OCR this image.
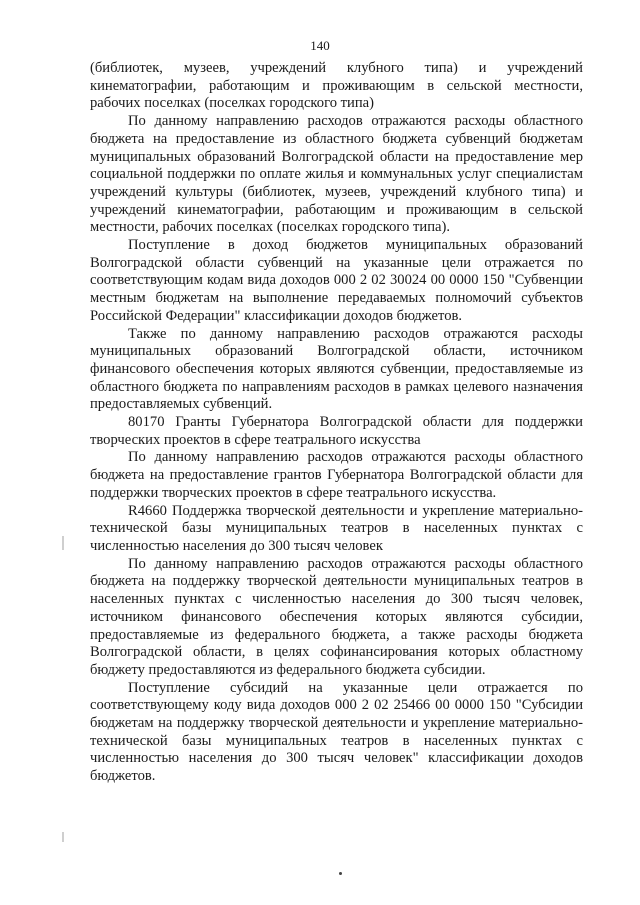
140

(библиотек, музеев, учреждений клубного типа) и учреждений кинематографии, работающим и проживающим в сельской местности, рабочих поселках (поселках городского типа)

По данному направлению расходов отражаются расходы областного бюджета на предоставление из областного бюджета субвенций бюджетам муниципальных образований Волгоградской области на предоставление мер социальной поддержки по оплате жилья и коммунальных услуг специалистам учреждений культуры (библиотек, музеев, учреждений клубного типа) и учреждений кинематографии, работающим и проживающим в сельской местности, рабочих поселках (поселках городского типа).

Поступление в доход бюджетов муниципальных образований Волгоградской области субвенций на указанные цели отражается по соответствующим кодам вида доходов 000 2 02 30024 00 0000 150 "Субвенции местным бюджетам на выполнение передаваемых полномочий субъектов Российской Федерации" классификации доходов бюджетов.

Также по данному направлению расходов отражаются расходы муниципальных образований Волгоградской области, источником финансового обеспечения которых являются субвенции, предоставляемые из областного бюджета по направлениям расходов в рамках целевого назначения предоставляемых субвенций.

80170 Гранты Губернатора Волгоградской области для поддержки творческих проектов в сфере театрального искусства

По данному направлению расходов отражаются расходы областного бюджета на предоставление грантов Губернатора Волгоградской области для поддержки творческих проектов в сфере театрального искусства.

R4660 Поддержка творческой деятельности и укрепление материально-технической базы муниципальных театров в населенных пунктах с численностью населения до 300 тысяч человек

По данному направлению расходов отражаются расходы областного бюджета на поддержку творческой деятельности муниципальных театров в населенных пунктах с численностью населения до 300 тысяч человек, источником финансового обеспечения которых являются субсидии, предоставляемые из федерального бюджета, а также расходы бюджета Волгоградской области, в целях софинансирования которых областному бюджету предоставляются из федерального бюджета субсидии.

Поступление субсидий на указанные цели отражается по соответствующему коду вида доходов 000 2 02 25466 00 0000 150 "Субсидии бюджетам на поддержку творческой деятельности и укрепление материально-технической базы муниципальных театров в населенных пунктах с численностью населения до 300 тысяч человек" классификации доходов бюджетов.
